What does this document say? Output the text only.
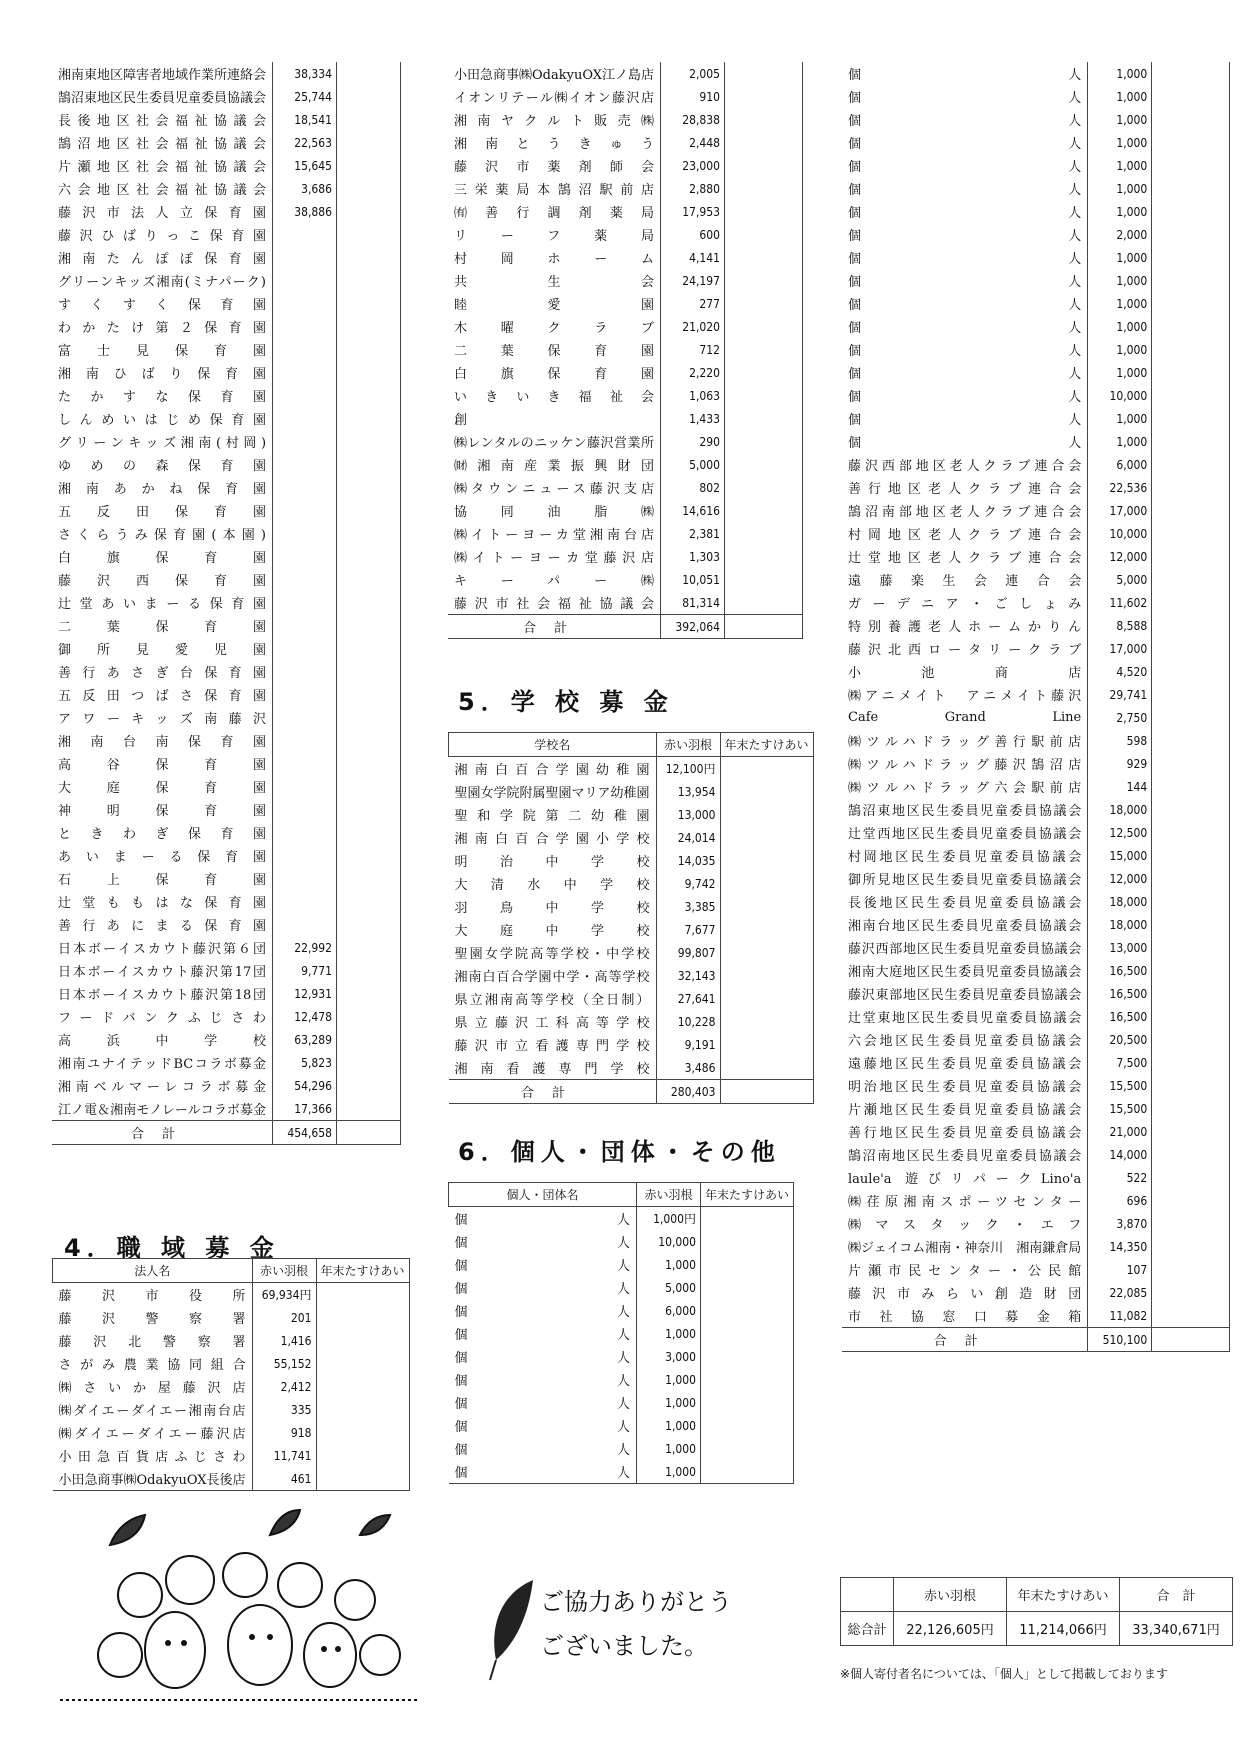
湘南東地区障害者地域作業所連絡会	38,334	
鵠沼東地区民生委員児童委員協議会	25,744	
長後地区社会福祉協議会	18,541	
鵠沼地区社会福祉協議会	22,563	
片瀬地区社会福祉協議会	15,645	
六会地区社会福祉協議会	3,686	
藤沢市法人立保育園	38,886	
藤沢ひばりっこ保育園		
湘南たんぽぽ保育園		
グリーンキッズ湘南(ミナパーク)		
すくすく保育園		
わかたけ第２保育園		
富士見保育園		
湘南ひばり保育園		
たかすな保育園		
しんめいはじめ保育園		
グリーンキッズ湘南(村岡)		
ゆめの森保育園		
湘南あかね保育園		
五反田保育園		
さくらうみ保育園(本園)		
白旗保育園		
藤沢西保育園		
辻堂あいまーる保育園		
二葉保育園		
御所見愛児園		
善行あさぎ台保育園		
五反田つばさ保育園		
アワーキッズ南藤沢		
湘南台南保育園		
高谷保育園		
大庭保育園		
神明保育園		
ときわぎ保育園		
あいまーる保育園		
石上保育園		
辻堂ももはな保育園		
善行あにまる保育園		
日本ボーイスカウト藤沢第６団	22,992	
日本ボーイスカウト藤沢第17団	9,771	
日本ボーイスカウト藤沢第18団	12,931	
フードバンクふじさわ	12,478	
高浜中学校	63,289	
湘南ユナイテッドBCコラボ募金	5,823	
湘南ベルマーレコラボ募金	54,296	
江ノ電＆湘南モノレールコラボ募金	17,366	
合計	454,658	
4．職 域 募 金
法人名	赤い羽根	年末たすけあい
藤沢市役所	69,934円	
藤沢警察署	201	
藤沢北警察署	1,416	
さがみ農業協同組合	55,152	
㈱さいか屋藤沢店	2,412	
㈱ダイエーダイエー湘南台店	335	
㈱ダイエーダイエー藤沢店	918	
小田急百貨店ふじさわ	11,741	
小田急商事㈱OdakyuOX長後店	461	
小田急商事㈱OdakyuOX江ノ島店	2,005	
イオンリテール㈱イオン藤沢店	910	
湘南ヤクルト販売㈱	28,838	
湘南とうきゅう	2,448	
藤沢市薬剤師会	23,000	
三栄薬局本鵠沼駅前店	2,880	
㈲善行調剤薬局	17,953	
リーフ薬局	600	
村岡ホーム	4,141	
共生会	24,197	
睦愛園	277	
木曜クラブ	21,020	
二葉保育園	712	
白旗保育園	2,220	
いきいき福祉会	1,063	
創	1,433	
㈱レンタルのニッケン藤沢営業所	290	
㈶湘南産業振興財団	5,000	
㈱タウンニュース藤沢支店	802	
協同油脂㈱	14,616	
㈱イトーヨーカ堂湘南台店	2,381	
㈱イトーヨーカ堂藤沢店	1,303	
キーパー㈱	10,051	
藤沢市社会福祉協議会	81,314	
合計	392,064	
5．学 校 募 金
学校名	赤い羽根	年末たすけあい
湘南白百合学園幼稚園	12,100円	
聖園女学院附属聖園マリア幼稚園	13,954	
聖和学院第二幼稚園	13,000	
湘南白百合学園小学校	24,014	
明治中学校	14,035	
大清水中学校	9,742	
羽鳥中学校	3,385	
大庭中学校	7,677	
聖園女学院高等学校・中学校	99,807	
湘南白百合学園中学・高等学校	32,143	
県立湘南高等学校（全日制）	27,641	
県立藤沢工科高等学校	10,228	
藤沢市立看護専門学校	9,191	
湘南看護専門学校	3,486	
合計	280,403	
6．個人・団体・その他
個人・団体名	赤い羽根	年末たすけあい
個人	1,000円	
個人	10,000	
個人	1,000	
個人	5,000	
個人	6,000	
個人	1,000	
個人	3,000	
個人	1,000	
個人	1,000	
個人	1,000	
個人	1,000	
個人	1,000	
個人	1,000	
個人	1,000	
個人	1,000	
個人	1,000	
個人	1,000	
個人	1,000	
個人	1,000	
個人	2,000	
個人	1,000	
個人	1,000	
個人	1,000	
個人	1,000	
個人	1,000	
個人	1,000	
個人	10,000	
個人	1,000	
個人	1,000	
藤沢西部地区老人クラブ連合会	6,000	
善行地区老人クラブ連合会	22,536	
鵠沼南部地区老人クラブ連合会	17,000	
村岡地区老人クラブ連合会	10,000	
辻堂地区老人クラブ連合会	12,000	
遠藤楽生会連合会	5,000	
ガーデニア・ごしょみ	11,602	
特別養護老人ホームかりん	8,588	
藤沢北西ロータリークラブ	17,000	
小池商店	4,520	
㈱アニメイト　アニメイト藤沢	29,741	
Cafe Grand Line	2,750	
㈱ツルハドラッグ善行駅前店	598	
㈱ツルハドラッグ藤沢鵠沼店	929	
㈱ツルハドラッグ六会駅前店	144	
鵠沼東地区民生委員児童委員協議会	18,000	
辻堂西地区民生委員児童委員協議会	12,500	
村岡地区民生委員児童委員協議会	15,000	
御所見地区民生委員児童委員協議会	12,000	
長後地区民生委員児童委員協議会	18,000	
湘南台地区民生委員児童委員協議会	18,000	
藤沢西部地区民生委員児童委員協議会	13,000	
湘南大庭地区民生委員児童委員協議会	16,500	
藤沢東部地区民生委員児童委員協議会	16,500	
辻堂東地区民生委員児童委員協議会	16,500	
六会地区民生委員児童委員協議会	20,500	
遠藤地区民生委員児童委員協議会	7,500	
明治地区民生委員児童委員協議会	15,500	
片瀬地区民生委員児童委員協議会	15,500	
善行地区民生委員児童委員協議会	21,000	
鵠沼南地区民生委員児童委員協議会	14,000	
laule'a 遊びリパークLino'a	522	
㈱荏原湘南スポーツセンター	696	
㈱マスタック・エフ	3,870	
㈱ジェイコム湘南・神奈川　湘南鎌倉局	14,350	
片瀬市民センター・公民館	107	
藤沢市みらい創造財団	22,085	
市社協窓口募金箱	11,082	
合計	510,100	
ご協力ありがとう
ございました。
	赤い羽根	年末たすけあい	合　計
総合計	22,126,605円	11,214,066円	33,340,671円
※個人寄付者名については、「個人」として掲載しております
